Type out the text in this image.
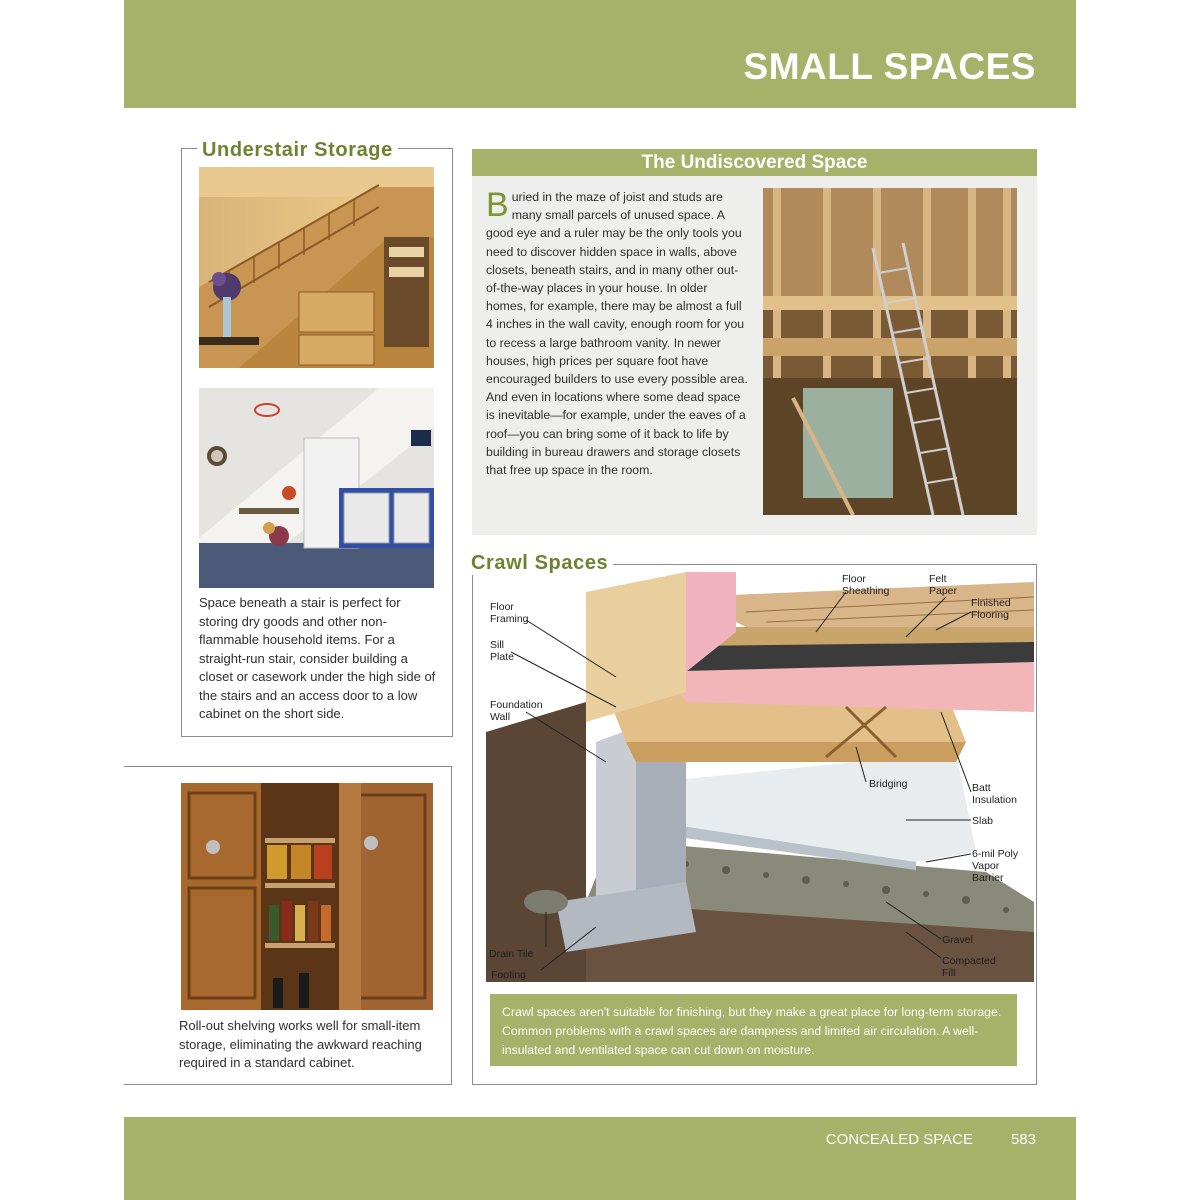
SMALL SPACES
Understair Storage
Space beneath a stair is perfect for storing dry goods and other non-flammable household items. For a straight-run stair, consider building a closet or casework under the high side of the stairs and an access door to a low cabinet on the short side.
Roll-out shelving works well for small-item storage, eliminating the awkward reaching required in a standard cabinet.
The Undiscovered Space
Buried in the maze of joist and studs are many small parcels of unused space. A good eye and a ruler may be the only tools you need to discover hidden space in walls, above closets, beneath stairs, and in many other out-of-the-way places in your house. In older homes, for example, there may be almost a full 4 inches in the wall cavity, enough room for you to recess a large bathroom vanity. In newer houses, high prices per square foot have encouraged builders to use every possible area. And even in locations where some dead space is inevitable—for example, under the eaves of a roof—you can bring some of it back to life by building in bureau drawers and storage closets that free up space in the room.
Crawl Spaces
Floor Sheathing
Felt Paper
Finished Flooring
Floor Framing
Sill Plate
Foundation Wall
Bridging	Batt Insulation
Slab
6-mil Poly Vapor Barrier
Gravel
Compacted Fill
Drain Tile
Footing
Crawl spaces aren't suitable for finishing, but they make a great place for long-term storage. Common problems with a crawl spaces are dampness and limited air circulation. A well-insulated and ventilated space can cut down on moisture.
CONCEALED SPACE	583
